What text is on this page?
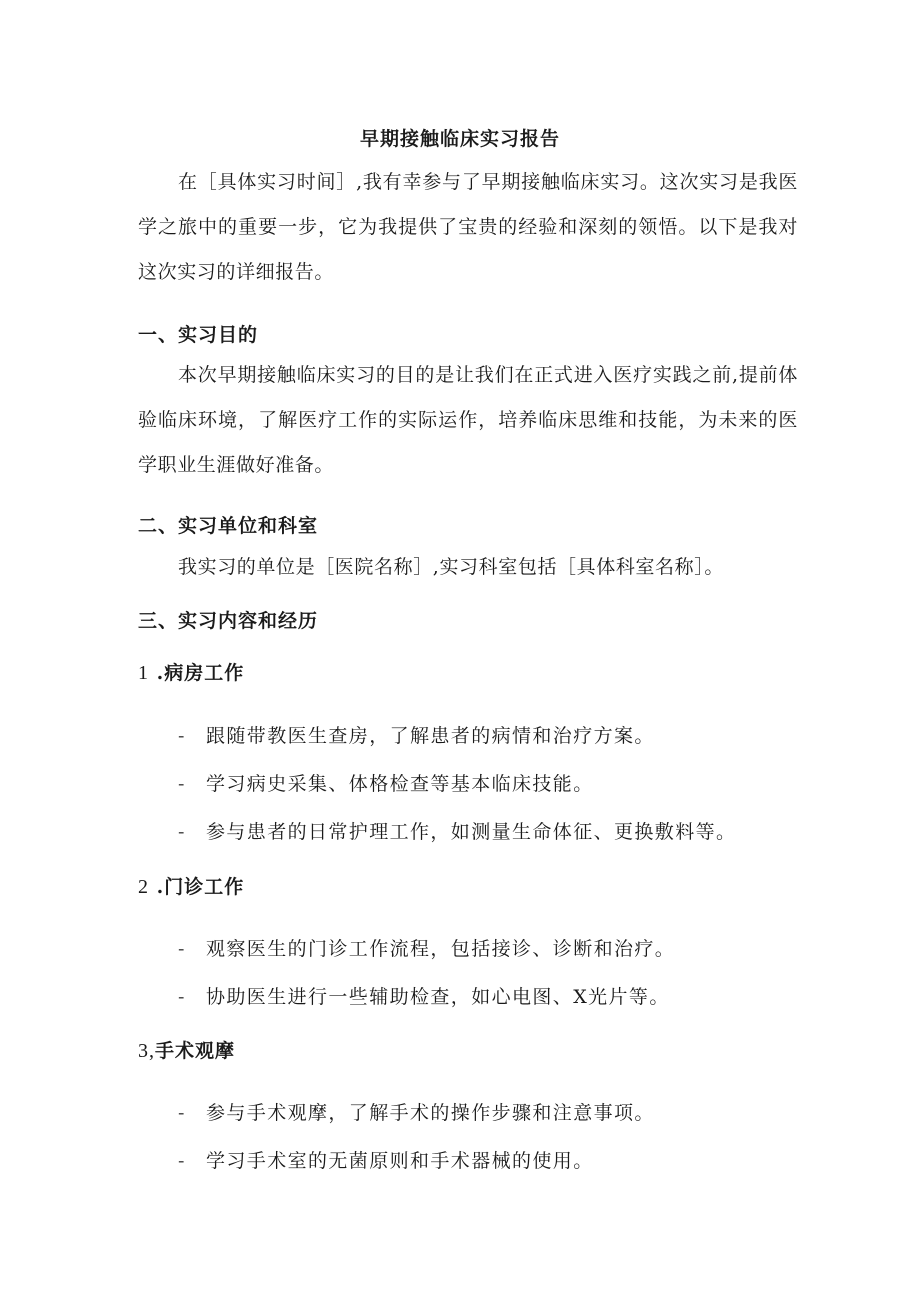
早期接触临床实习报告
在［具体实习时间］,我有幸参与了早期接触临床实习。这次实习是我医学之旅中的重要一步，它为我提供了宝贵的经验和深刻的领悟。以下是我对这次实习的详细报告。
一、实习目的
本次早期接触临床实习的目的是让我们在正式进入医疗实践之前,提前体验临床环境，了解医疗工作的实际运作，培养临床思维和技能，为未来的医学职业生涯做好准备。
二、实习单位和科室
我实习的单位是［医院名称］,实习科室包括［具体科室名称］。
三、实习内容和经历
1 .病房工作
- 跟随带教医生查房，了解患者的病情和治疗方案。
- 学习病史采集、体格检查等基本临床技能。
- 参与患者的日常护理工作，如测量生命体征、更换敷料等。
2 .门诊工作
- 观察医生的门诊工作流程，包括接诊、诊断和治疗。
- 协助医生进行一些辅助检查，如心电图、X光片等。
3,手术观摩
- 参与手术观摩，了解手术的操作步骤和注意事项。
- 学习手术室的无菌原则和手术器械的使用。
